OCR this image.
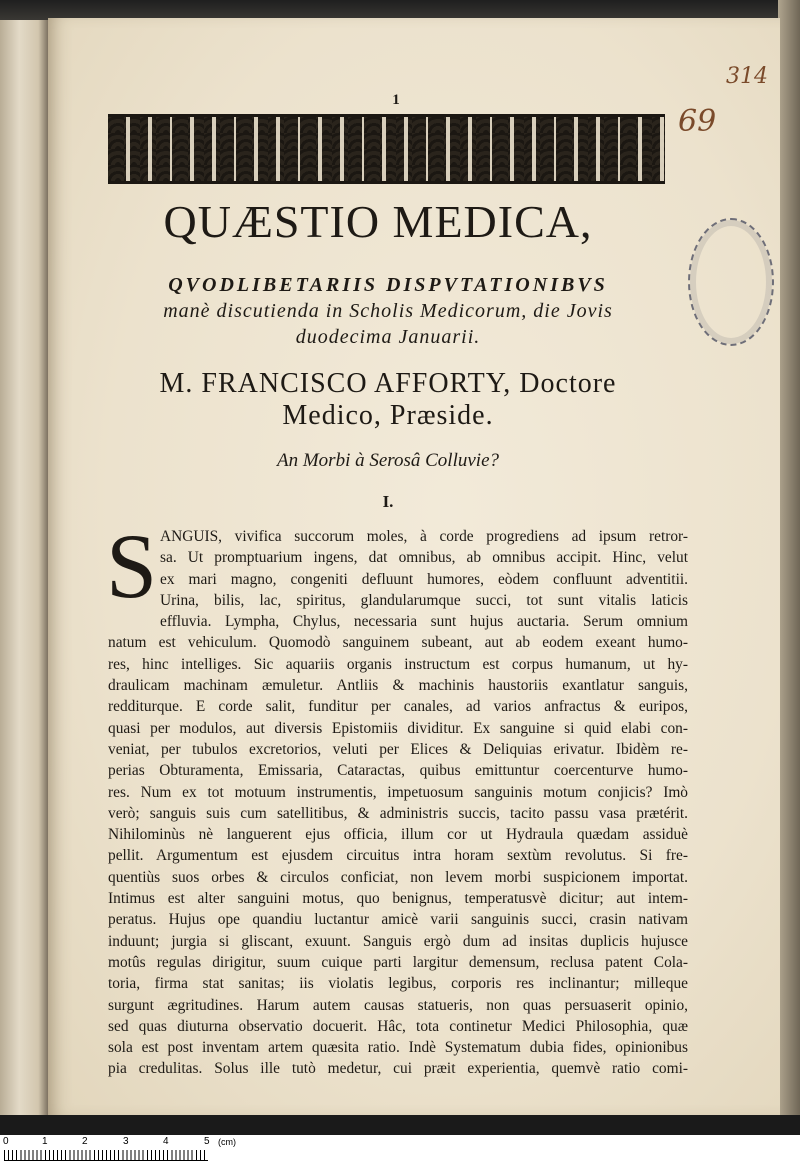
314
69
1
QUÆSTIO MEDICA,
QVODLIBETARIIS DISPVTATIONIBVS
manè discutienda in Scholis Medicorum, die Jovis
duodecima Januarii.
M. FRANCISCO AFFORTY, Doctore
Medico, Præside.
An Morbi à Serosâ Colluvie?
I.
S ANGUIS, vivifica succorum moles, à corde progrediens ad ipsum retror-
sa. Ut promptuarium ingens, dat omnibus, ab omnibus accipit. Hinc, velut
ex mari magno, congeniti defluunt humores, eòdem confluunt adventitii.
Urina, bilis, lac, spiritus, glandularumque succi, tot sunt vitalis laticis
effluvia. Lympha, Chylus, necessaria sunt hujus auctaria. Serum omnium
natum est vehiculum. Quomodò sanguinem subeant, aut ab eodem exeant humo-
res, hinc intelliges. Sic aquariis organis instructum est corpus humanum, ut hy-
draulicam machinam æmuletur. Antliis & machinis haustoriis exantlatur sanguis,
redditurque. E corde salit, funditur per canales, ad varios anfractus & euripos,
quasi per modulos, aut diversis Epistomiis dividitur. Ex sanguine si quid elabi con-
veniat, per tubulos excretorios, veluti per Elices & Deliquias erivatur. Ibidèm re-
perias Obturamenta, Emissaria, Cataractas, quibus emittuntur coercenturve humo-
res. Num ex tot motuum instrumentis, impetuosum sanguinis motum conjicis? Imò
verò; sanguis suis cum satellitibus, & administris succis, tacito passu vasa prætérit.
Nihilominùs nè languerent ejus officia, illum cor ut Hydraula quædam assiduè
pellit. Argumentum est ejusdem circuitus intra horam sextùm revolutus. Si fre-
quentiùs suos orbes & circulos conficiat, non levem morbi suspicionem importat.
Intimus est alter sanguini motus, quo benignus, temperatusvè dicitur; aut intem-
peratus. Hujus ope quandiu luctantur amicè varii sanguinis succi, crasin nativam
induunt; jurgia si gliscant, exuunt. Sanguis ergò dum ad insitas duplicis hujusce
motûs regulas dirigitur, suum cuique parti largitur demensum, reclusa patent Cola-
toria, firma stat sanitas; iis violatis legibus, corporis res inclinantur; milleque
surgunt ægritudines. Harum autem causas statueris, non quas persuaserit opinio,
sed quas diuturna observatio docuerit. Hâc, tota continetur Medici Philosophia, quæ
sola est post inventam artem quæsita ratio. Indè Systematum dubia fides, opinionibus
pia credulitas. Solus ille tutò medetur, cui præit experientia, quemvè ratio comi-
0	1	2	3	4	5 (cm)
